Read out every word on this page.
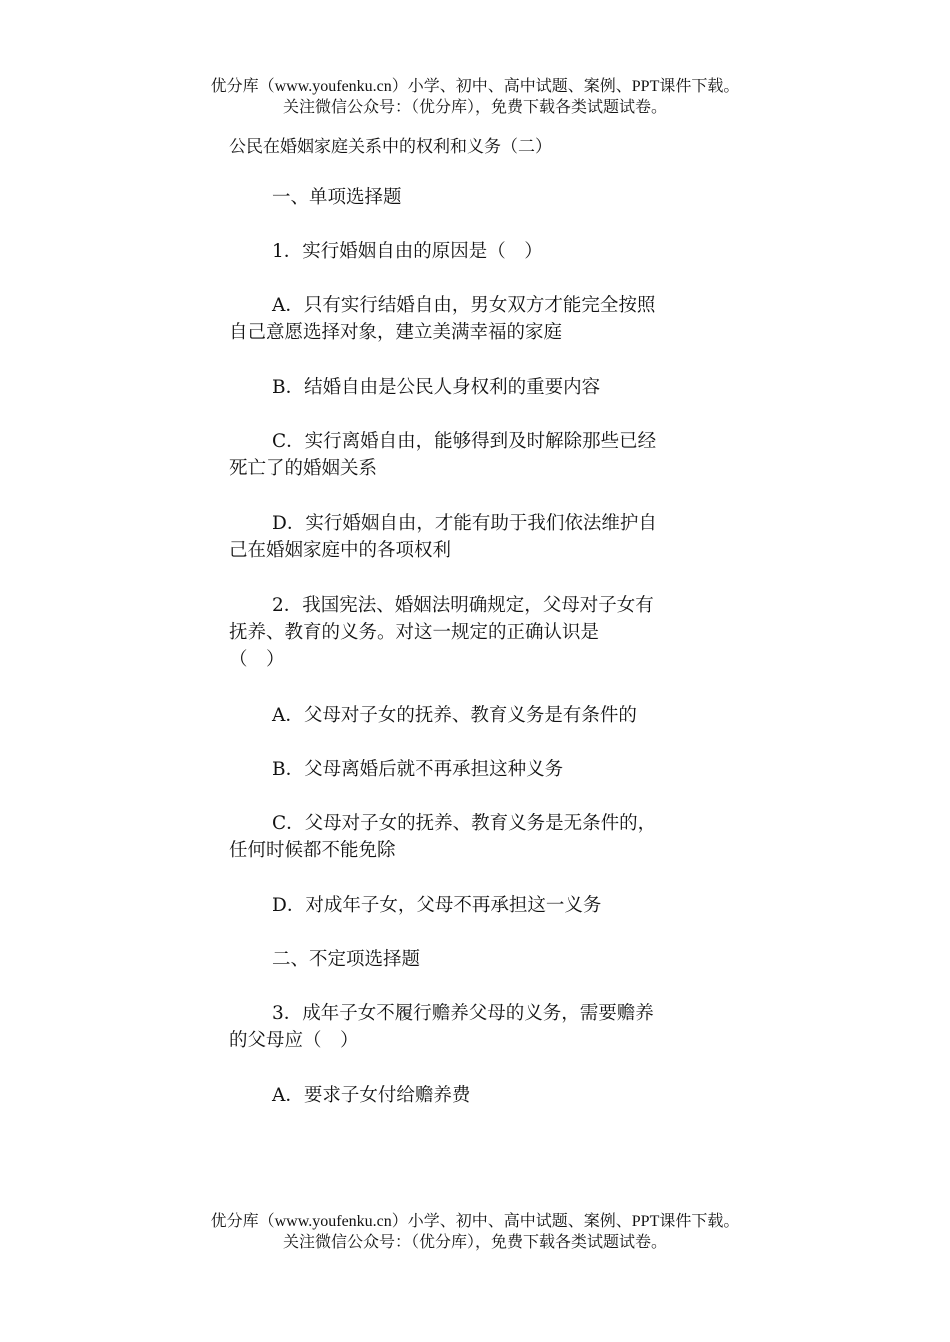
优分库（www.youfenku.cn）小学、初中、高中试题、案例、PPT课件下载。
关注微信公众号：（优分库），免费下载各类试题试卷。
公民在婚姻家庭关系中的权利和义务（二）
一、单项选择题
1．实行婚姻自由的原因是（　）
A．只有实行结婚自由，男女双方才能完全按照
自己意愿选择对象，建立美满幸福的家庭
B．结婚自由是公民人身权利的重要内容
C．实行离婚自由，能够得到及时解除那些已经
死亡了的婚姻关系
D．实行婚姻自由，才能有助于我们依法维护自
己在婚姻家庭中的各项权利
2．我国宪法、婚姻法明确规定，父母对子女有
抚养、教育的义务。对这一规定的正确认识是
（　）
A．父母对子女的抚养、教育义务是有条件的
B．父母离婚后就不再承担这种义务
C．父母对子女的抚养、教育义务是无条件的，
任何时候都不能免除
D．对成年子女，父母不再承担这一义务
二、不定项选择题
3．成年子女不履行赡养父母的义务，需要赡养
的父母应（　）
A．要求子女付给赡养费
优分库（www.youfenku.cn）小学、初中、高中试题、案例、PPT课件下载。
关注微信公众号：（优分库），免费下载各类试题试卷。
